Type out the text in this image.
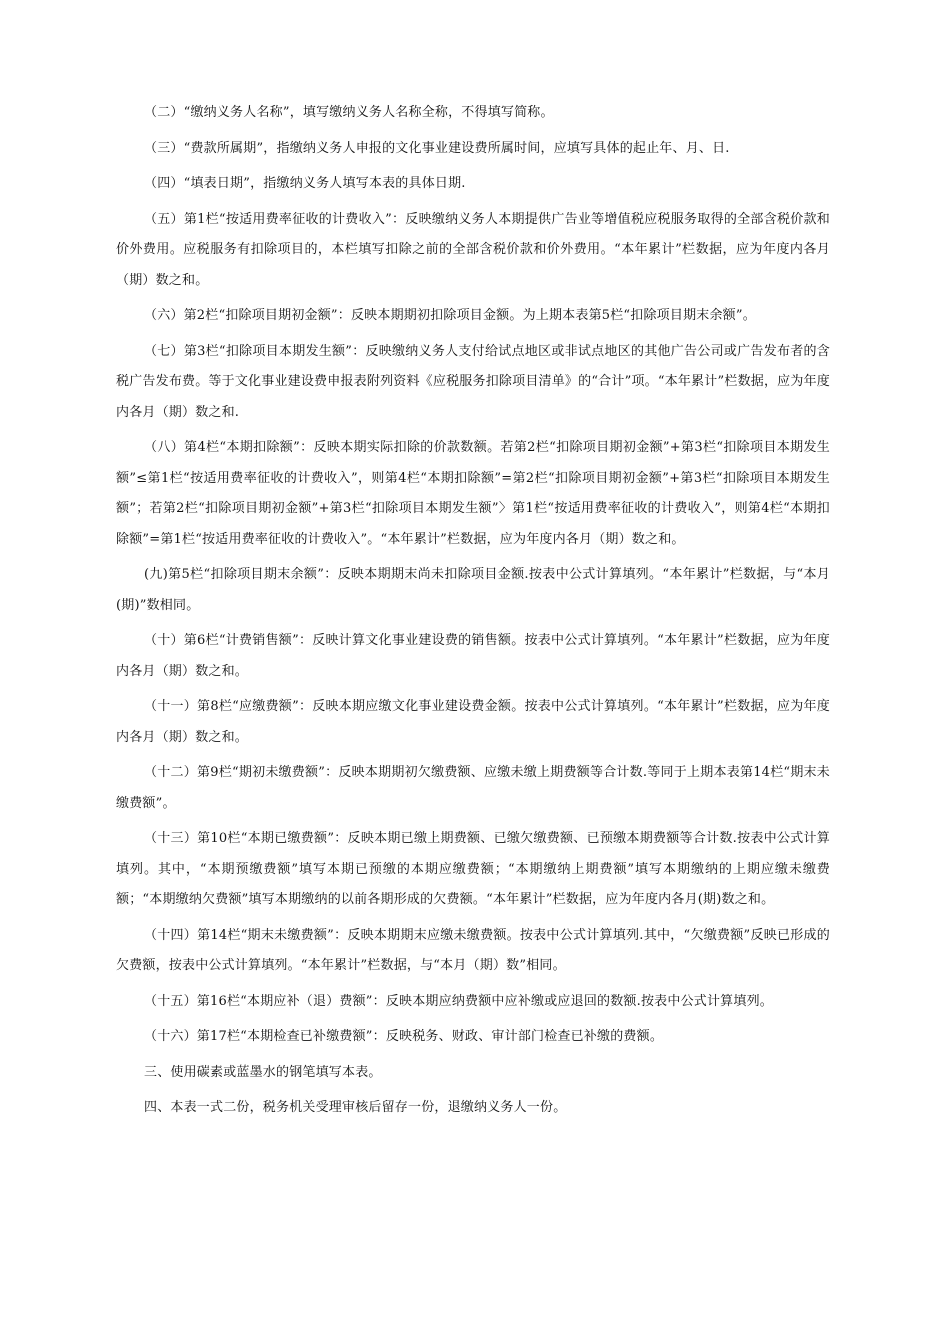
（二）“缴纳义务人名称”，填写缴纳义务人名称全称，不得填写简称。

（三）“费款所属期”，指缴纳义务人申报的文化事业建设费所属时间，应填写具体的起止年、月、日.

（四）“填表日期”，指缴纳义务人填写本表的具体日期.

（五）第1栏“按适用费率征收的计费收入”：反映缴纳义务人本期提供广告业等增值税应税服务取得的全部含税价款和价外费用。应税服务有扣除项目的，本栏填写扣除之前的全部含税价款和价外费用。“本年累计”栏数据，应为年度内各月（期）数之和。

（六）第2栏“扣除项目期初金额”：反映本期期初扣除项目金额。为上期本表第5栏“扣除项目期末余额”。

（七）第3栏“扣除项目本期发生额”：反映缴纳义务人支付给试点地区或非试点地区的其他广告公司或广告发布者的含税广告发布费。等于文化事业建设费申报表附列资料《应税服务扣除项目清单》的“合计”项。“本年累计”栏数据，应为年度内各月（期）数之和.

（八）第4栏“本期扣除额”：反映本期实际扣除的价款数额。若第2栏“扣除项目期初金额”+第3栏“扣除项目本期发生额”≤第1栏“按适用费率征收的计费收入”，则第4栏“本期扣除额”=第2栏“扣除项目期初金额”+第3栏“扣除项目本期发生额”；若第2栏“扣除项目期初金额”+第3栏“扣除项目本期发生额”〉第1栏“按适用费率征收的计费收入”，则第4栏“本期扣除额”=第1栏“按适用费率征收的计费收入”。“本年累计”栏数据，应为年度内各月（期）数之和。

(九)第5栏“扣除项目期末余额”：反映本期期末尚未扣除项目金额.按表中公式计算填列。“本年累计”栏数据，与“本月(期)”数相同。

（十）第6栏“计费销售额”：反映计算文化事业建设费的销售额。按表中公式计算填列。“本年累计”栏数据，应为年度内各月（期）数之和。

（十一）第8栏“应缴费额”：反映本期应缴文化事业建设费金额。按表中公式计算填列。“本年累计”栏数据，应为年度内各月（期）数之和。

（十二）第9栏“期初未缴费额”：反映本期期初欠缴费额、应缴未缴上期费额等合计数.等同于上期本表第14栏“期末未缴费额”。

（十三）第10栏“本期已缴费额”：反映本期已缴上期费额、已缴欠缴费额、已预缴本期费额等合计数.按表中公式计算填列。其中，“本期预缴费额”填写本期已预缴的本期应缴费额；“本期缴纳上期费额”填写本期缴纳的上期应缴未缴费额；“本期缴纳欠费额”填写本期缴纳的以前各期形成的欠费额。“本年累计”栏数据，应为年度内各月(期)数之和。

（十四）第14栏“期末未缴费额”：反映本期期末应缴未缴费额。按表中公式计算填列.其中，“欠缴费额”反映已形成的欠费额，按表中公式计算填列。“本年累计”栏数据，与“本月（期）数”相同。

（十五）第16栏“本期应补（退）费额”：反映本期应纳费额中应补缴或应退回的数额.按表中公式计算填列。

（十六）第17栏“本期检查已补缴费额”：反映税务、财政、审计部门检查已补缴的费额。

三、使用碳素或蓝墨水的钢笔填写本表。

四、本表一式二份，税务机关受理审核后留存一份，退缴纳义务人一份。
